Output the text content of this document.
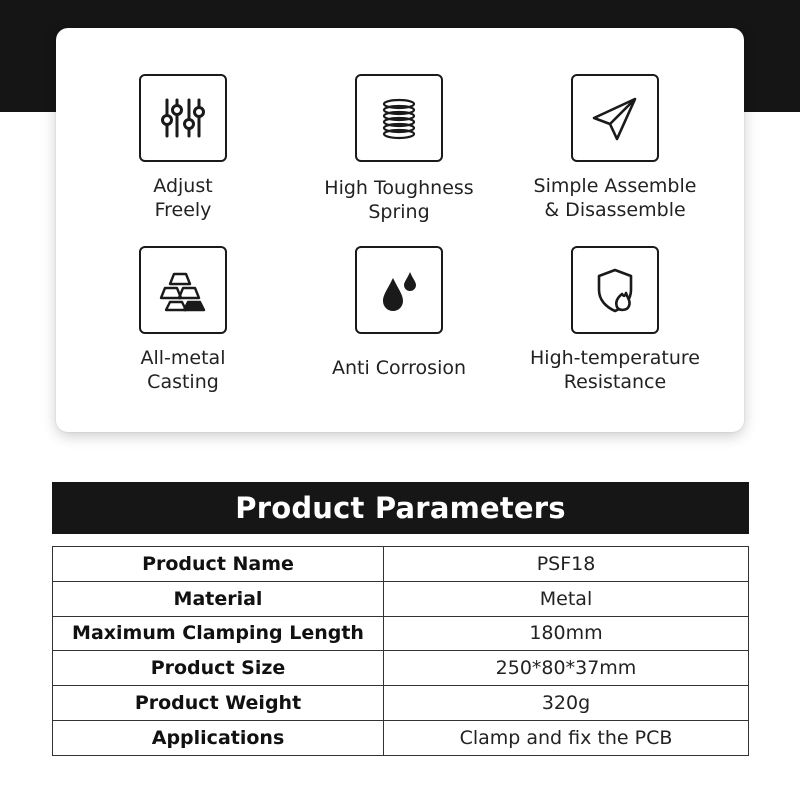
Adjust
Freely
High Toughness
Spring
Simple Assemble
& Disassemble
All-metal
Casting
Anti Corrosion	High-temperature
Resistance
Product Parameters
Product Name	PSF18
Material	Metal
Maximum Clamping Length	180mm
Product Size	250*80*37mm
Product Weight	320g
Applications	Clamp and fix the PCB
